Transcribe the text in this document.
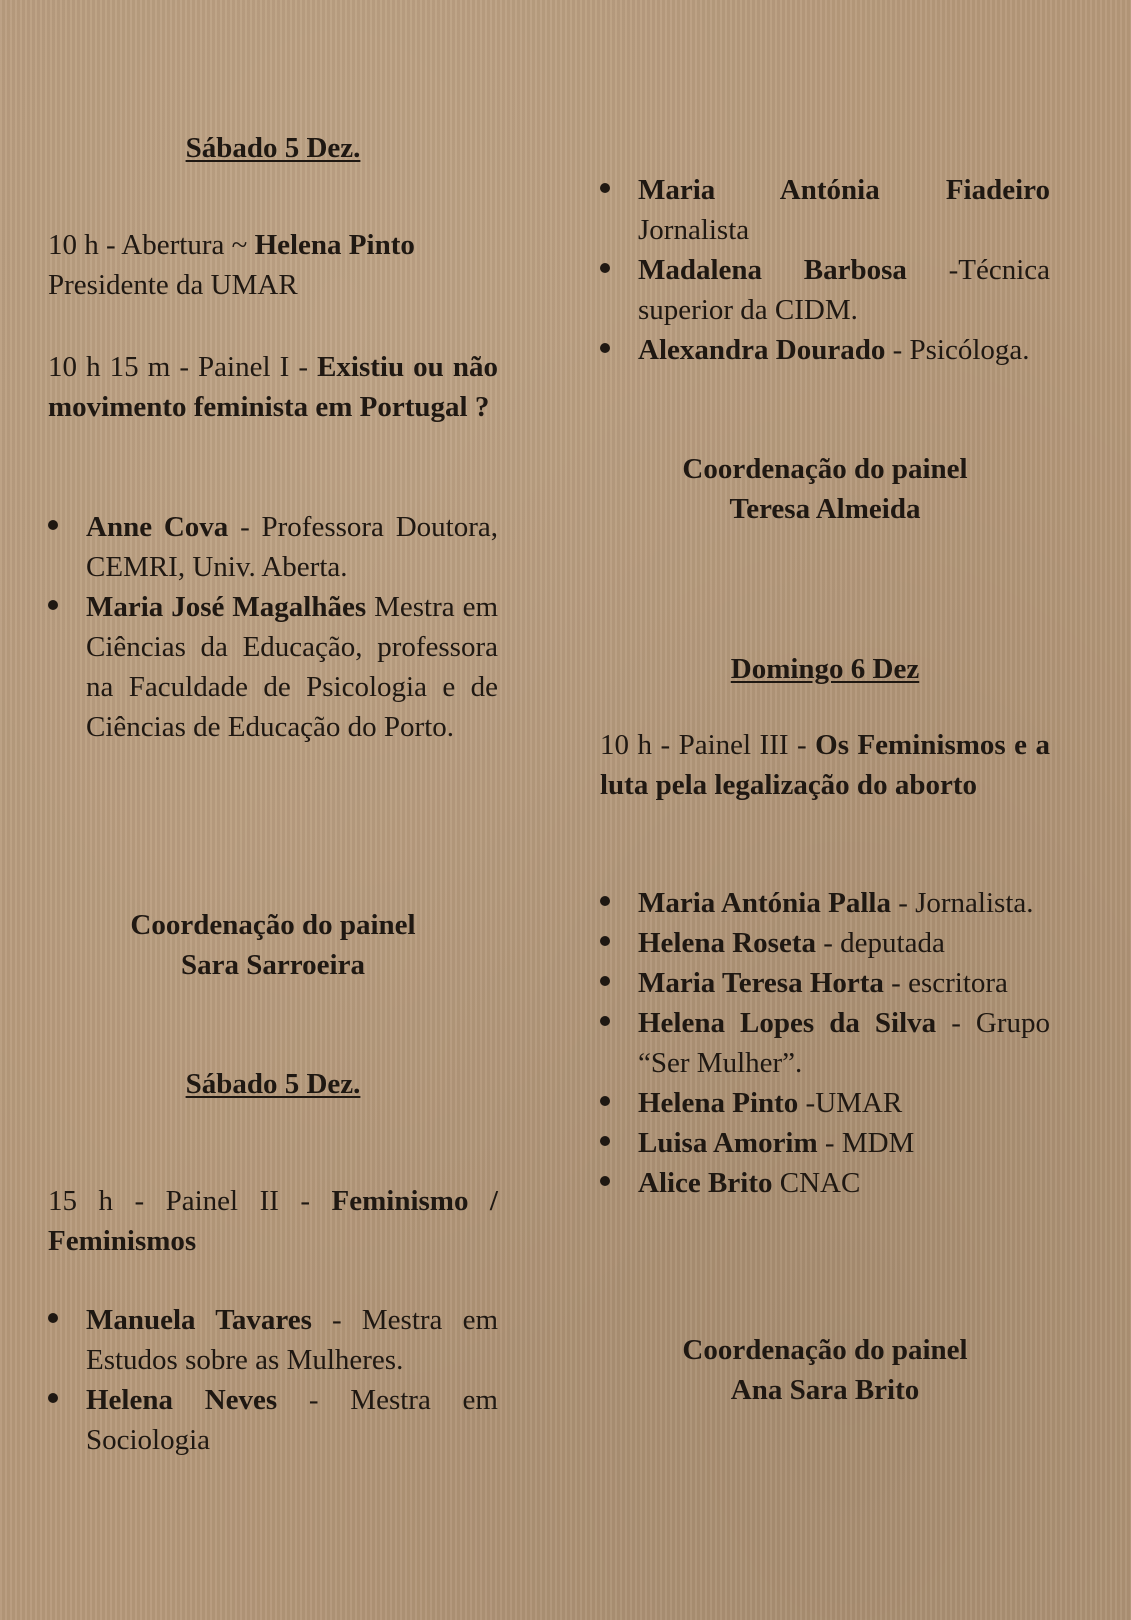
Sábado 5 Dez.
10 h - Abertura ~ Helena Pinto
Presidente da UMAR
10 h 15 m - Painel I - Existiu ou não movimento feminista em Portugal ?
Anne Cova - Professora Doutora, CEMRI, Univ. Aberta.
Maria José Magalhães Mestra em Ciências da Educação, professora na Faculdade de Psicologia e de Ciências de Educação do Porto.
Coordenação do painel
Sara Sarroeira
Sábado 5 Dez.
15 h - Painel II - Feminismo / Feminismos
Manuela Tavares - Mestra em Estudos sobre as Mulheres.
Helena Neves - Mestra em Sociologia
Maria Antónia Fiadeiro Jornalista
Madalena Barbosa -Técnica superior da CIDM.
Alexandra Dourado - Psicóloga.
Coordenação do painel
Teresa Almeida
Domingo 6 Dez
10 h - Painel III - Os Feminismos e a luta pela legalização do aborto
Maria Antónia Palla - Jornalista.
Helena Roseta - deputada
Maria Teresa Horta - escritora
Helena Lopes da Silva - Grupo “Ser Mulher”.
Helena Pinto -UMAR
Luisa Amorim - MDM
Alice Brito CNAC
Coordenação do painel
Ana Sara Brito
